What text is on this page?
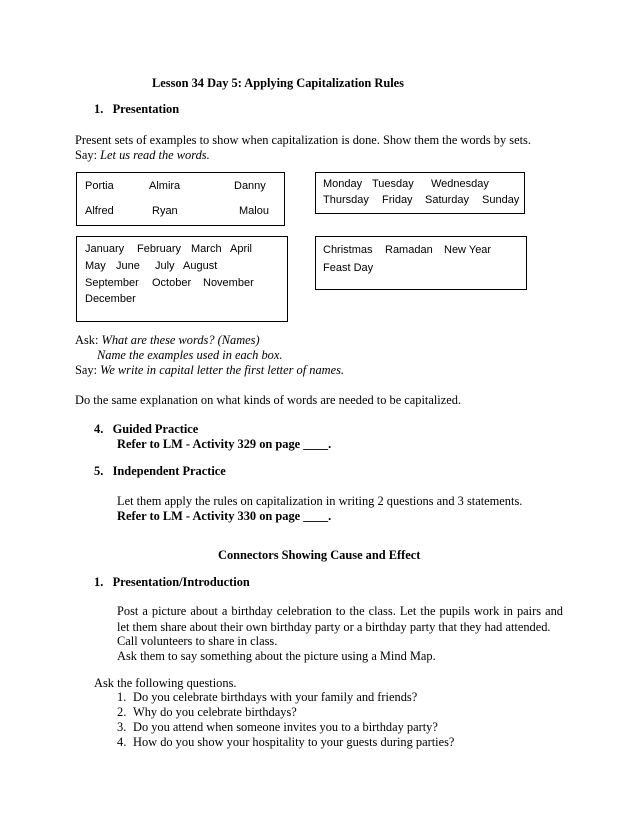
Lesson 34 Day 5: Applying Capitalization Rules
1.   Presentation
Present sets of examples to show when capitalization is done. Show them the words by sets.
Say: Let us read the words.
Portia	Almira	Danny
Alfred	Ryan	Malou
Monday Tuesday Wednesday
Thursday Friday Saturday Sunday
January February March April
May June July August
September October November
December
Christmas Ramadan New Year
Feast Day
Ask: What are these words? (Names)
Name the examples used in each box.
Say: We write in capital letter the first letter of names.
Do the same explanation on what kinds of words are needed to be capitalized.
4.   Guided Practice
Refer to LM - Activity 329 on page ____.
5.   Independent Practice
Let them apply the rules on capitalization in writing 2 questions and 3 statements.
Refer to LM - Activity 330 on page ____.
Connectors Showing Cause and Effect
1.   Presentation/Introduction
Post a picture about a birthday celebration to the class. Let the pupils work in pairs and let them share about their own birthday party or a birthday party that they had attended.
Call volunteers to share in class.
Ask them to say something about the picture using a Mind Map.
Ask the following questions.
1. Do you celebrate birthdays with your family and friends?
2. Why do you celebrate birthdays?
3. Do you attend when someone invites you to a birthday party?
4. How do you show your hospitality to your guests during parties?
